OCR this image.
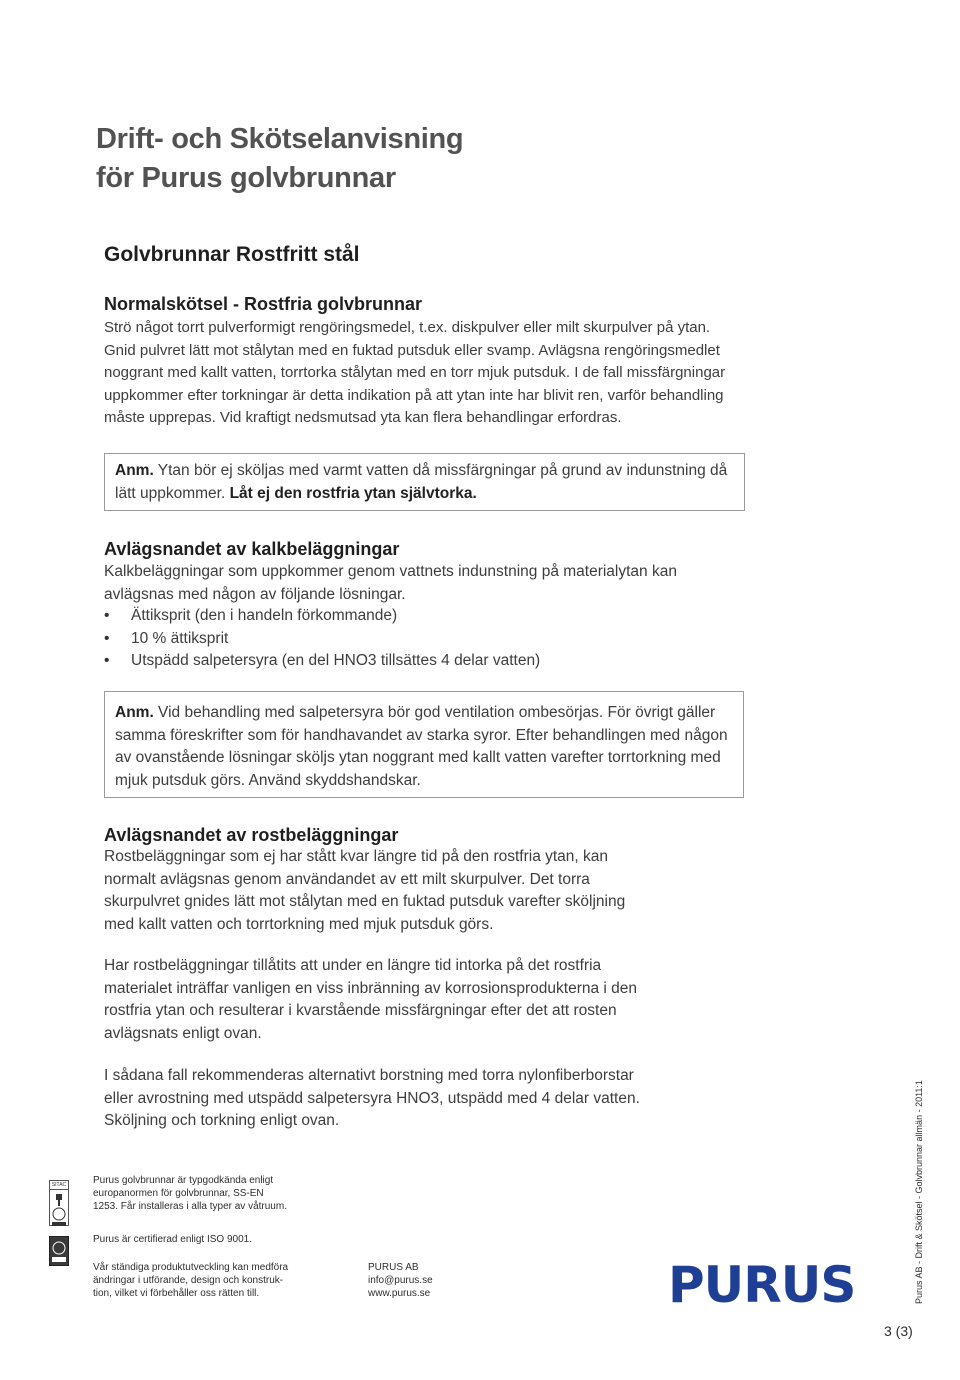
Drift- och Skötselanvisning
för Purus golvbrunnar
Golvbrunnar Rostfritt stål
Normalskötsel - Rostfria golvbrunnar
Strö något torrt pulverformigt rengöringsmedel, t.ex. diskpulver eller milt skurpulver på ytan.
Gnid pulvret lätt mot stålytan med en fuktad putsduk eller svamp. Avlägsna rengöringsmedlet
noggrant med kallt vatten, torrtorka stålytan med en torr mjuk putsduk. I de fall missfärgningar
uppkommer efter torkningar är detta indikation på att ytan inte har blivit ren, varför behandling
måste upprepas. Vid kraftigt nedsmutsad yta kan flera behandlingar erfordras.
Anm. Ytan bör ej sköljas med varmt vatten då missfärgningar på grund av indunstning då
lätt uppkommer. Låt ej den rostfria ytan självtorka.
Avlägsnandet av kalkbeläggningar
Kalkbeläggningar som uppkommer genom vattnets indunstning på materialytan kan
avlägsnas med någon av följande lösningar.
• Ättiksprit (den i handeln förkommande)
• 10 % ättiksprit
• Utspädd salpetersyra (en del HNO3 tillsättes 4 delar vatten)
Anm. Vid behandling med salpetersyra bör god ventilation ombesörjas. För övrigt gäller
samma föreskrifter som för handhavandet av starka syror. Efter behandlingen med någon
av ovanstående lösningar sköljs ytan noggrant med kallt vatten varefter torrtorkning med
mjuk putsduk görs. Använd skyddshandskar.
Avlägsnandet av rostbeläggningar
Rostbeläggningar som ej har stått kvar längre tid på den rostfria ytan, kan
normalt avlägsnas genom användandet av ett milt skurpulver. Det torra
skurpulvret gnides lätt mot stålytan med en fuktad putsduk varefter sköljning
med kallt vatten och torrtorkning med mjuk putsduk görs.
Har rostbeläggningar tillåtits att under en längre tid intorka på det rostfria
materialet inträffar vanligen en viss inbränning av korrosionsprodukterna i den
rostfria ytan och resulterar i kvarstående missfärgningar efter det att rosten
avlägsnats enligt ovan.
I sådana fall rekommenderas alternativt borstning med torra nylonfiberborstar
eller avrostning med utspädd salpetersyra HNO3, utspädd med 4 delar vatten.
Sköljning och torkning enligt ovan.
SITAC	Purus golvbrunnar är typgodkända enligt
europanormen för golvbrunnar, SS-EN
1253. Får installeras i alla typer av våtruum.
Purus är certifierad enligt ISO 9001.
Vår ständiga produktutveckling kan medföra
ändringar i utförande, design och konstruk-
tion, vilket vi förbehåller oss rätten till.
PURUS AB
info@purus.se
www.purus.se	PURUS	Purus AB - Drift & Skötsel - Golvbrunnar allmän - 2011:1
3 (3)
